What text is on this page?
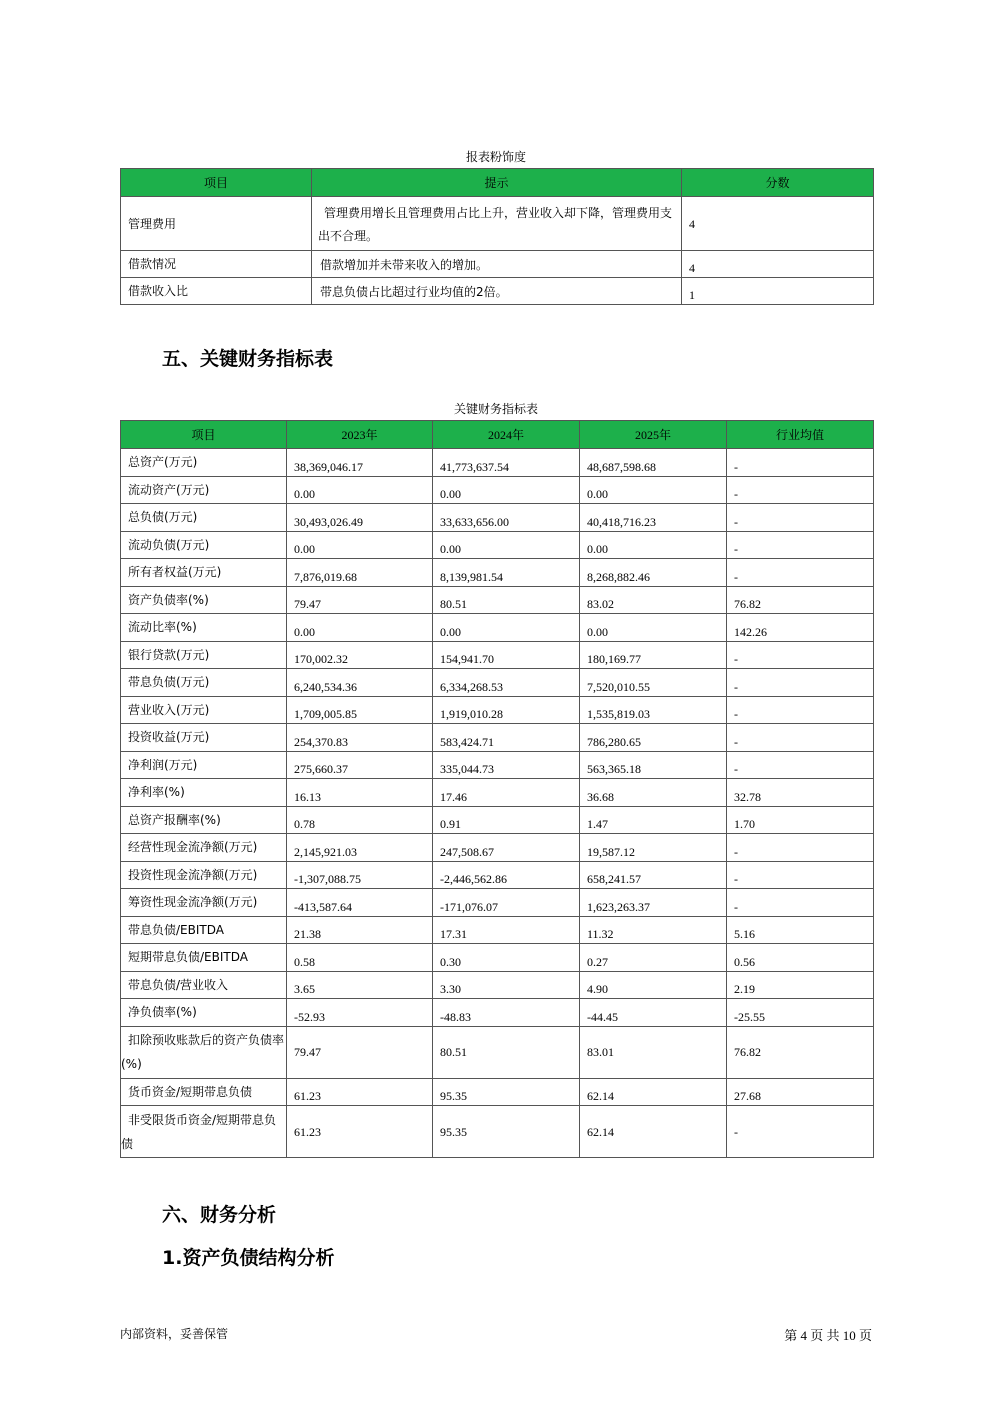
报表粉饰度
项目	提示	分数
管理费用	管理费用增长且管理费用占比上升，营业收入却下降，管理费用支出不合理。	4
借款情况	借款增加并未带来收入的增加。	4
借款收入比	带息负债占比超过行业均值的2倍。	1
五、关键财务指标表
关键财务指标表
项目	2023年	2024年	2025年	行业均值
总资产(万元)	38,369,046.17	41,773,637.54	48,687,598.68	-
流动资产(万元)	0.00	0.00	0.00	-
总负债(万元)	30,493,026.49	33,633,656.00	40,418,716.23	-
流动负债(万元)	0.00	0.00	0.00	-
所有者权益(万元)	7,876,019.68	8,139,981.54	8,268,882.46	-
资产负债率(%)	79.47	80.51	83.02	76.82
流动比率(%)	0.00	0.00	0.00	142.26
银行贷款(万元)	170,002.32	154,941.70	180,169.77	-
带息负债(万元)	6,240,534.36	6,334,268.53	7,520,010.55	-
营业收入(万元)	1,709,005.85	1,919,010.28	1,535,819.03	-
投资收益(万元)	254,370.83	583,424.71	786,280.65	-
净利润(万元)	275,660.37	335,044.73	563,365.18	-
净利率(%)	16.13	17.46	36.68	32.78
总资产报酬率(%)	0.78	0.91	1.47	1.70
经营性现金流净额(万元)	2,145,921.03	247,508.67	19,587.12	-
投资性现金流净额(万元)	-1,307,088.75	-2,446,562.86	658,241.57	-
筹资性现金流净额(万元)	-413,587.64	-171,076.07	1,623,263.37	-
带息负债/EBITDA	21.38	17.31	11.32	5.16
短期带息负债/EBITDA	0.58	0.30	0.27	0.56
带息负债/营业收入	3.65	3.30	4.90	2.19
净负债率(%)	-52.93	-48.83	-44.45	-25.55
扣除预收账款后的资产负债率(%)	79.47	80.51	83.01	76.82
货币资金/短期带息负债	61.23	95.35	62.14	27.68
非受限货币资金/短期带息负债	61.23	95.35	62.14	-
六、财务分析
1.资产负债结构分析
内部资料，妥善保管	第 4 页 共 10 页
